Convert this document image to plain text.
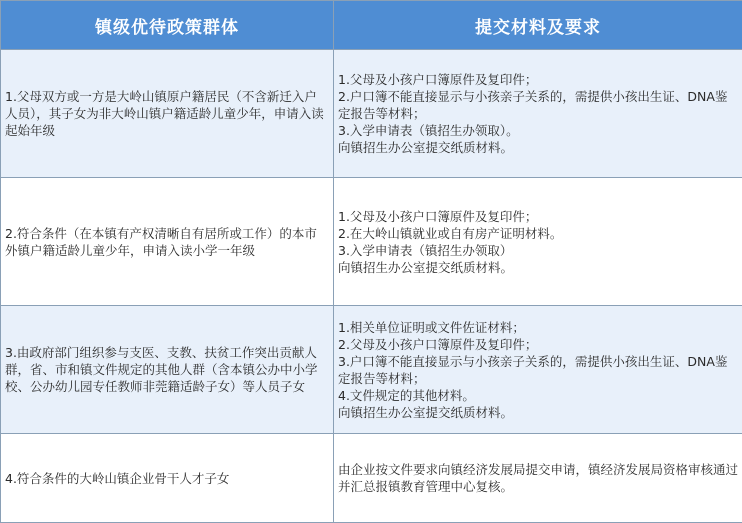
镇级优待政策群体	提交材料及要求
1.父母双方或一方是大岭山镇原户籍居民（不含新迁入户人员），其子女为非大岭山镇户籍适龄儿童少年，申请入读起始年级	1.父母及小孩户口簿原件及复印件；
2.户口簿不能直接显示与小孩亲子关系的，需提供小孩出生证、DNA鉴定报告等材料；
3.入学申请表（镇招生办领取）。
向镇招生办公室提交纸质材料。

2.符合条件（在本镇有产权清晰自有居所或工作）的本市外镇户籍适龄儿童少年，申请入读小学一年级	1.父母及小孩户口簿原件及复印件；
2.在大岭山镇就业或自有房产证明材料。
3.入学申请表（镇招生办领取）
向镇招生办公室提交纸质材料。

3.由政府部门组织参与支医、支教、扶贫工作突出贡献人群，省、市和镇文件规定的其他人群（含本镇公办中小学校、公办幼儿园专任教师非莞籍适龄子女）等人员子女	1.相关单位证明或文件佐证材料；
2.父母及小孩户口簿原件及复印件；
3.户口簿不能直接显示与小孩亲子关系的，需提供小孩出生证、DNA鉴定报告等材料；
4.文件规定的其他材料。
向镇招生办公室提交纸质材料。

4.符合条件的大岭山镇企业骨干人才子女	由企业按文件要求向镇经济发展局提交申请，镇经济发展局资格审核通过并汇总报镇教育管理中心复核。
